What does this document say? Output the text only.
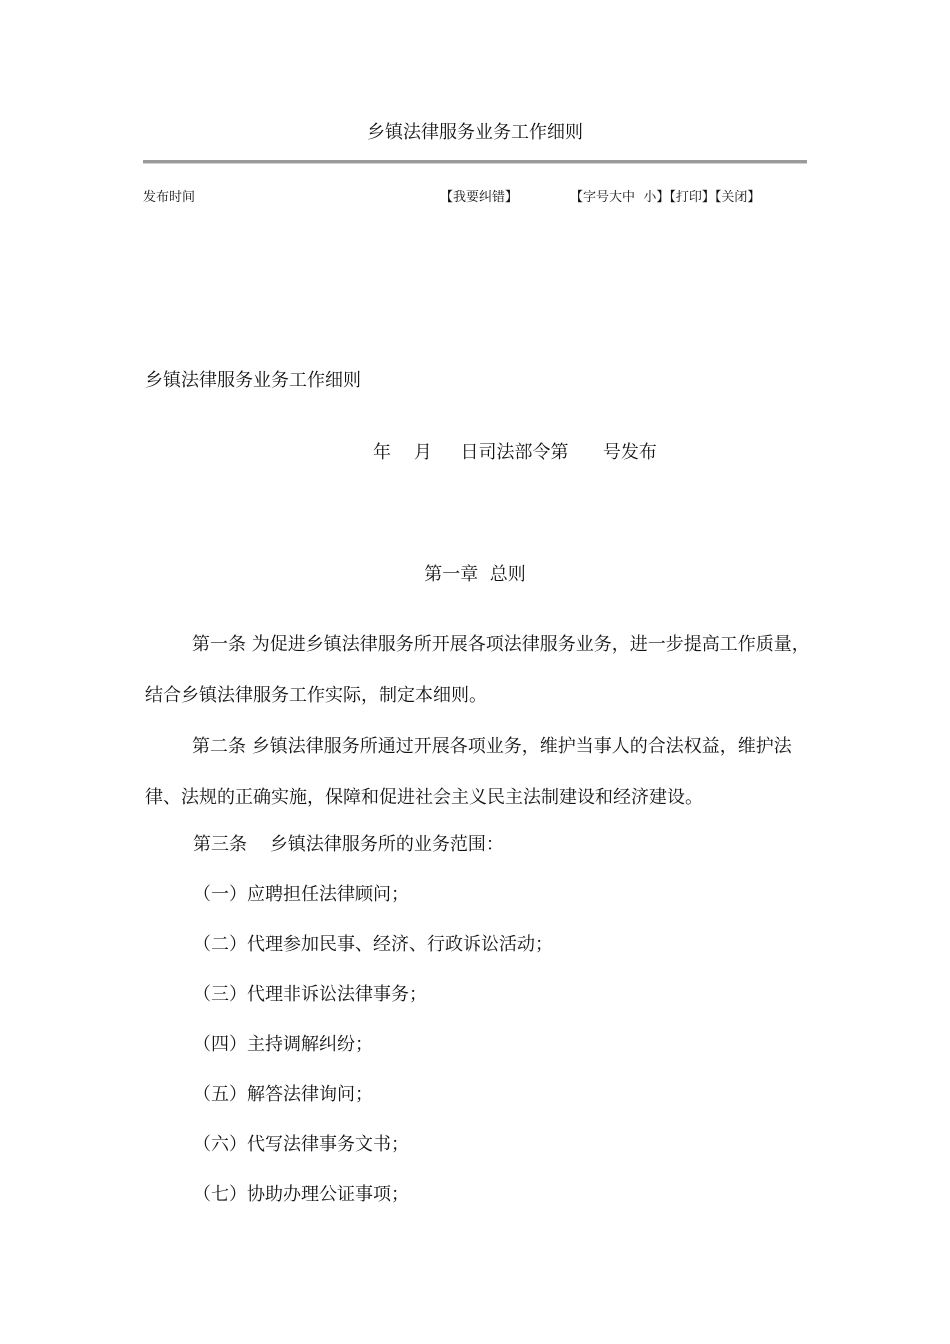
乡镇法律服务业务工作细则
发布时间	【我要纠错】	【字号大中 小】【打印】【关闭】
乡镇法律服务业务工作细则
年    月     日司法部令第      号发布
第一章  总则
第一条 为促进乡镇法律服务所开展各项法律服务业务，进一步提高工作质量，结合乡镇法律服务工作实际，制定本细则。
第二条 乡镇法律服务所通过开展各项业务，维护当事人的合法权益，维护法律、法规的正确实施，保障和促进社会主义民主法制建设和经济建设。
第三条    乡镇法律服务所的业务范围：
（一）应聘担任法律顾问；
（二）代理参加民事、经济、行政诉讼活动；
（三）代理非诉讼法律事务；
（四）主持调解纠纷；
（五）解答法律询问；
（六）代写法律事务文书；
（七）协助办理公证事项；
